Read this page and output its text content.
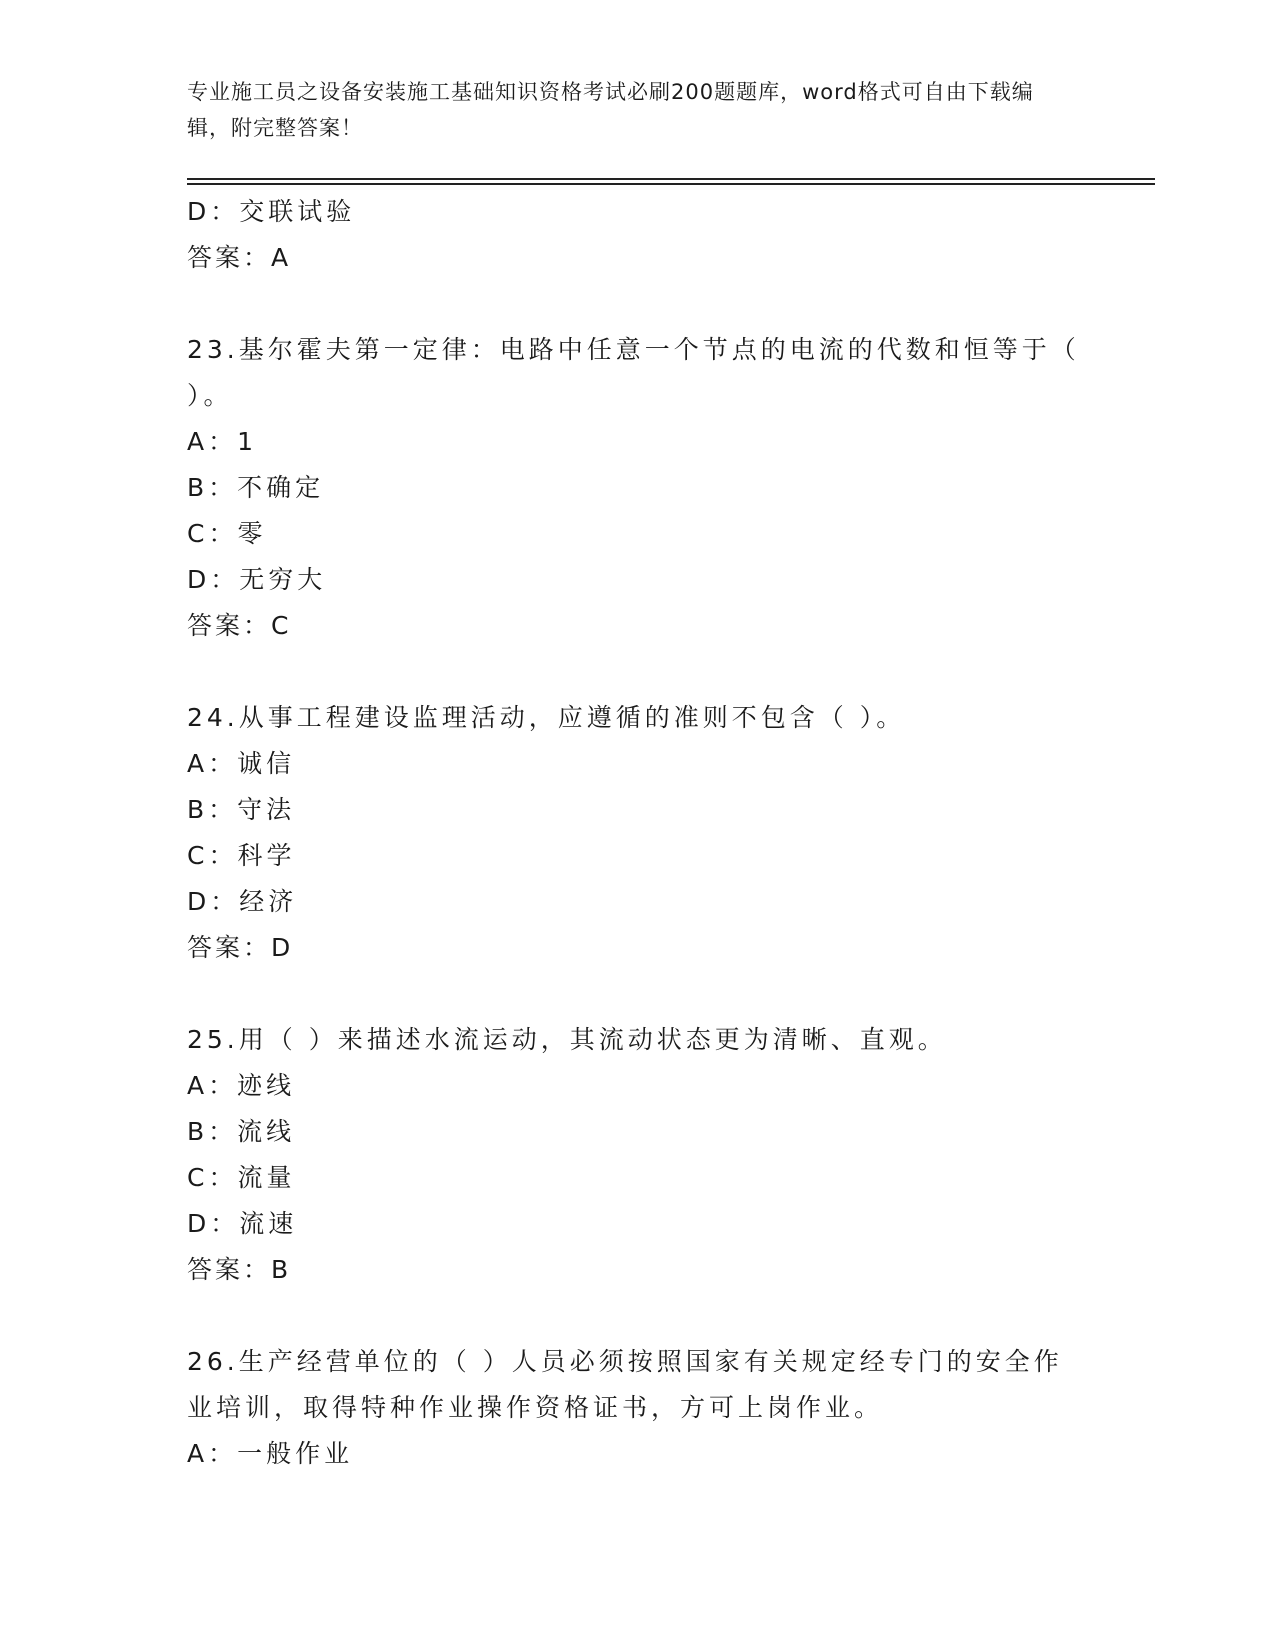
专业施工员之设备安装施工基础知识资格考试必刷200题题库，word格式可自由下载编辑，附完整答案！
D：交联试验
答案：A
23.基尔霍夫第一定律：电路中任意一个节点的电流的代数和恒等于（ ）。
A：1
B：不确定
C：零
D：无穷大
答案：C
24.从事工程建设监理活动，应遵循的准则不包含（ ）。
A：诚信
B：守法
C：科学
D：经济
答案：D
25.用（ ）来描述水流运动，其流动状态更为清晰、直观。
A：迹线
B：流线
C：流量
D：流速
答案：B
26.生产经营单位的（ ）人员必须按照国家有关规定经专门的安全作业培训，取得特种作业操作资格证书，方可上岗作业。
A：一般作业
